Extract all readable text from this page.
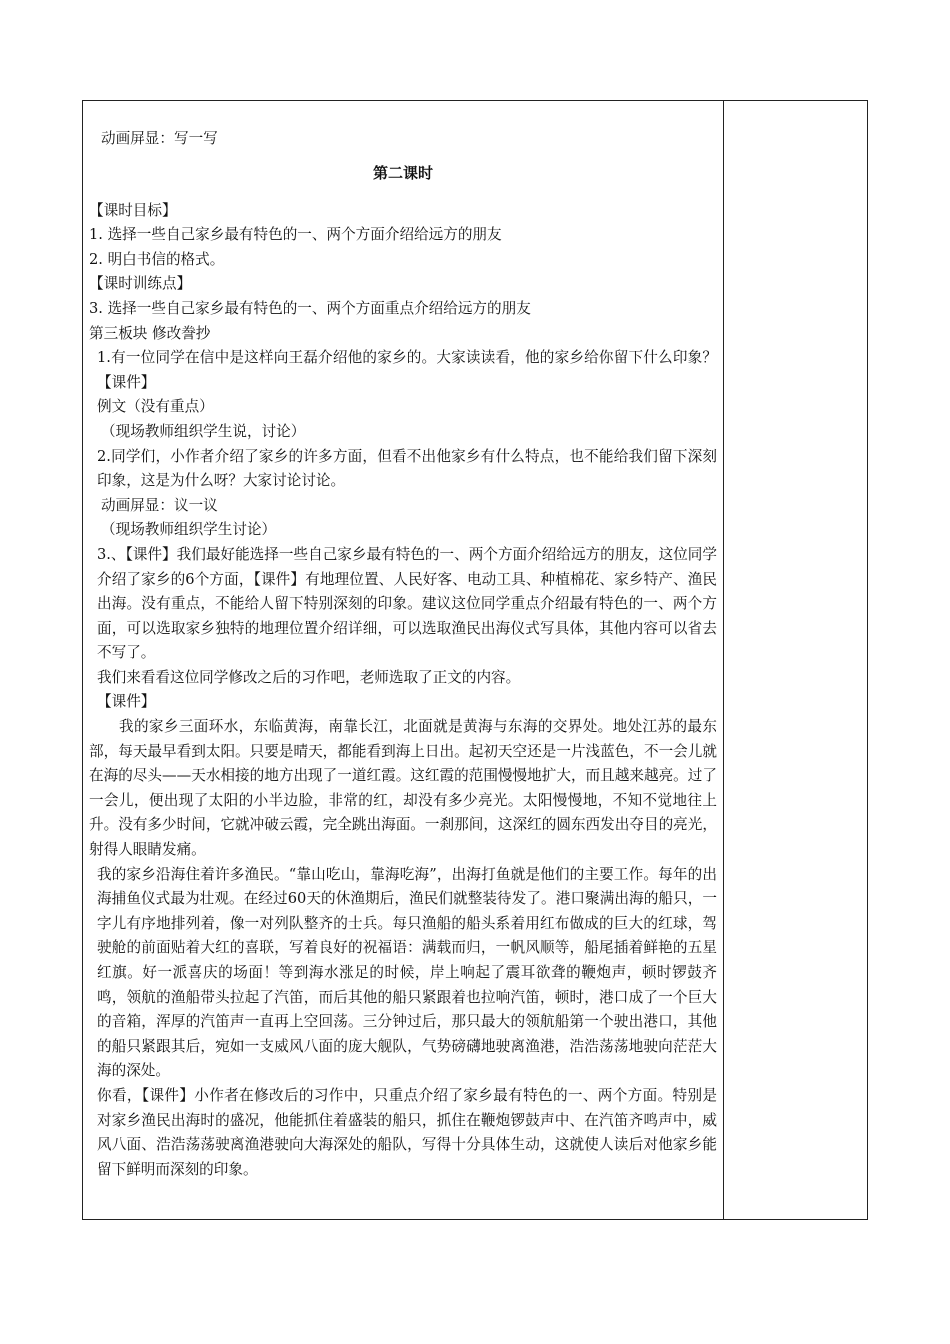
动画屏显：写一写
第二课时
【课时目标】
1. 选择一些自己家乡最有特色的一、两个方面介绍给远方的朋友
2. 明白书信的格式。
【课时训练点】
3. 选择一些自己家乡最有特色的一、两个方面重点介绍给远方的朋友
第三板块 修改誊抄
1.有一位同学在信中是这样向王磊介绍他的家乡的。大家读读看，他的家乡给你留下什么印象？【课件】
例文（没有重点）
（现场教师组织学生说，讨论）
2.同学们，小作者介绍了家乡的许多方面，但看不出他家乡有什么特点，也不能给我们留下深刻印象，这是为什么呀？大家讨论讨论。
动画屏显：议一议
（现场教师组织学生讨论）
3.、【课件】我们最好能选择一些自己家乡最有特色的一、两个方面介绍给远方的朋友，这位同学介绍了家乡的6个方面，【课件】有地理位置、人民好客、电动工具、种植棉花、家乡特产、渔民出海。没有重点，不能给人留下特别深刻的印象。建议这位同学重点介绍最有特色的一、两个方面，可以选取家乡独特的地理位置介绍详细，可以选取渔民出海仪式写具体，其他内容可以省去不写了。
我们来看看这位同学修改之后的习作吧，老师选取了正文的内容。
【课件】
我的家乡三面环水，东临黄海，南靠长江，北面就是黄海与东海的交界处。地处江苏的最东部，每天最早看到太阳。只要是晴天，都能看到海上日出。起初天空还是一片浅蓝色，不一会儿就在海的尽头——天水相接的地方出现了一道红霞。这红霞的范围慢慢地扩大，而且越来越亮。过了一会儿，便出现了太阳的小半边脸，非常的红，却没有多少亮光。太阳慢慢地，不知不觉地往上升。没有多少时间，它就冲破云霞，完全跳出海面。一刹那间，这深红的圆东西发出夺目的亮光，射得人眼睛发痛。
我的家乡沿海住着许多渔民。“靠山吃山，靠海吃海”，出海打鱼就是他们的主要工作。每年的出海捕鱼仪式最为壮观。在经过60天的休渔期后，渔民们就整装待发了。港口聚满出海的船只，一字儿有序地排列着，像一对列队整齐的士兵。每只渔船的船头系着用红布做成的巨大的红球，驾驶舱的前面贴着大红的喜联，写着良好的祝福语：满载而归，一帆风顺等，船尾插着鲜艳的五星红旗。好一派喜庆的场面！等到海水涨足的时候，岸上响起了震耳欲聋的鞭炮声，顿时锣鼓齐鸣，领航的渔船带头拉起了汽笛，而后其他的船只紧跟着也拉响汽笛，顿时，港口成了一个巨大的音箱，浑厚的汽笛声一直再上空回荡。三分钟过后，那只最大的领航船第一个驶出港口，其他的船只紧跟其后，宛如一支威风八面的庞大舰队，气势磅礴地驶离渔港，浩浩荡荡地驶向茫茫大海的深处。
你看，【课件】小作者在修改后的习作中，只重点介绍了家乡最有特色的一、两个方面。特别是对家乡渔民出海时的盛况，他能抓住着盛装的船只，抓住在鞭炮锣鼓声中、在汽笛齐鸣声中，威风八面、浩浩荡荡驶离渔港驶向大海深处的船队，写得十分具体生动，这就使人读后对他家乡能留下鲜明而深刻的印象。
